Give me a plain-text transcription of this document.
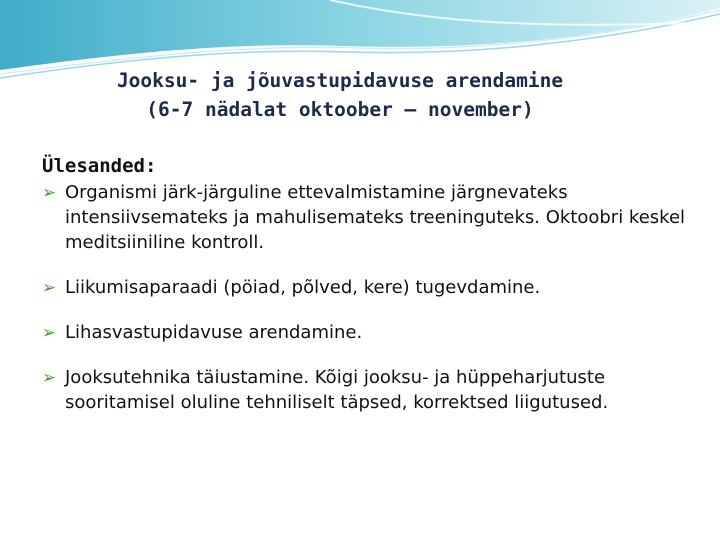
Jooksu- ja jõuvastupidavuse arendamine
(6-7 nädalat oktoober – november)
Ülesanded:
➢ Organismi järk-järguline ettevalmistamine järgnevateks intensiivsemateks ja mahulisemateks treeninguteks. Oktoobri keskel meditsiiniline kontroll.
➢ Liikumisaparaadi (pöiad, põlved, kere) tugevdamine.
➢ Lihasvastupidavuse arendamine.
➢ Jooksutehnika täiustamine. Kõigi jooksu- ja hüppeharjutuste sooritamisel oluline tehniliselt täpsed, korrektsed liigutused.
